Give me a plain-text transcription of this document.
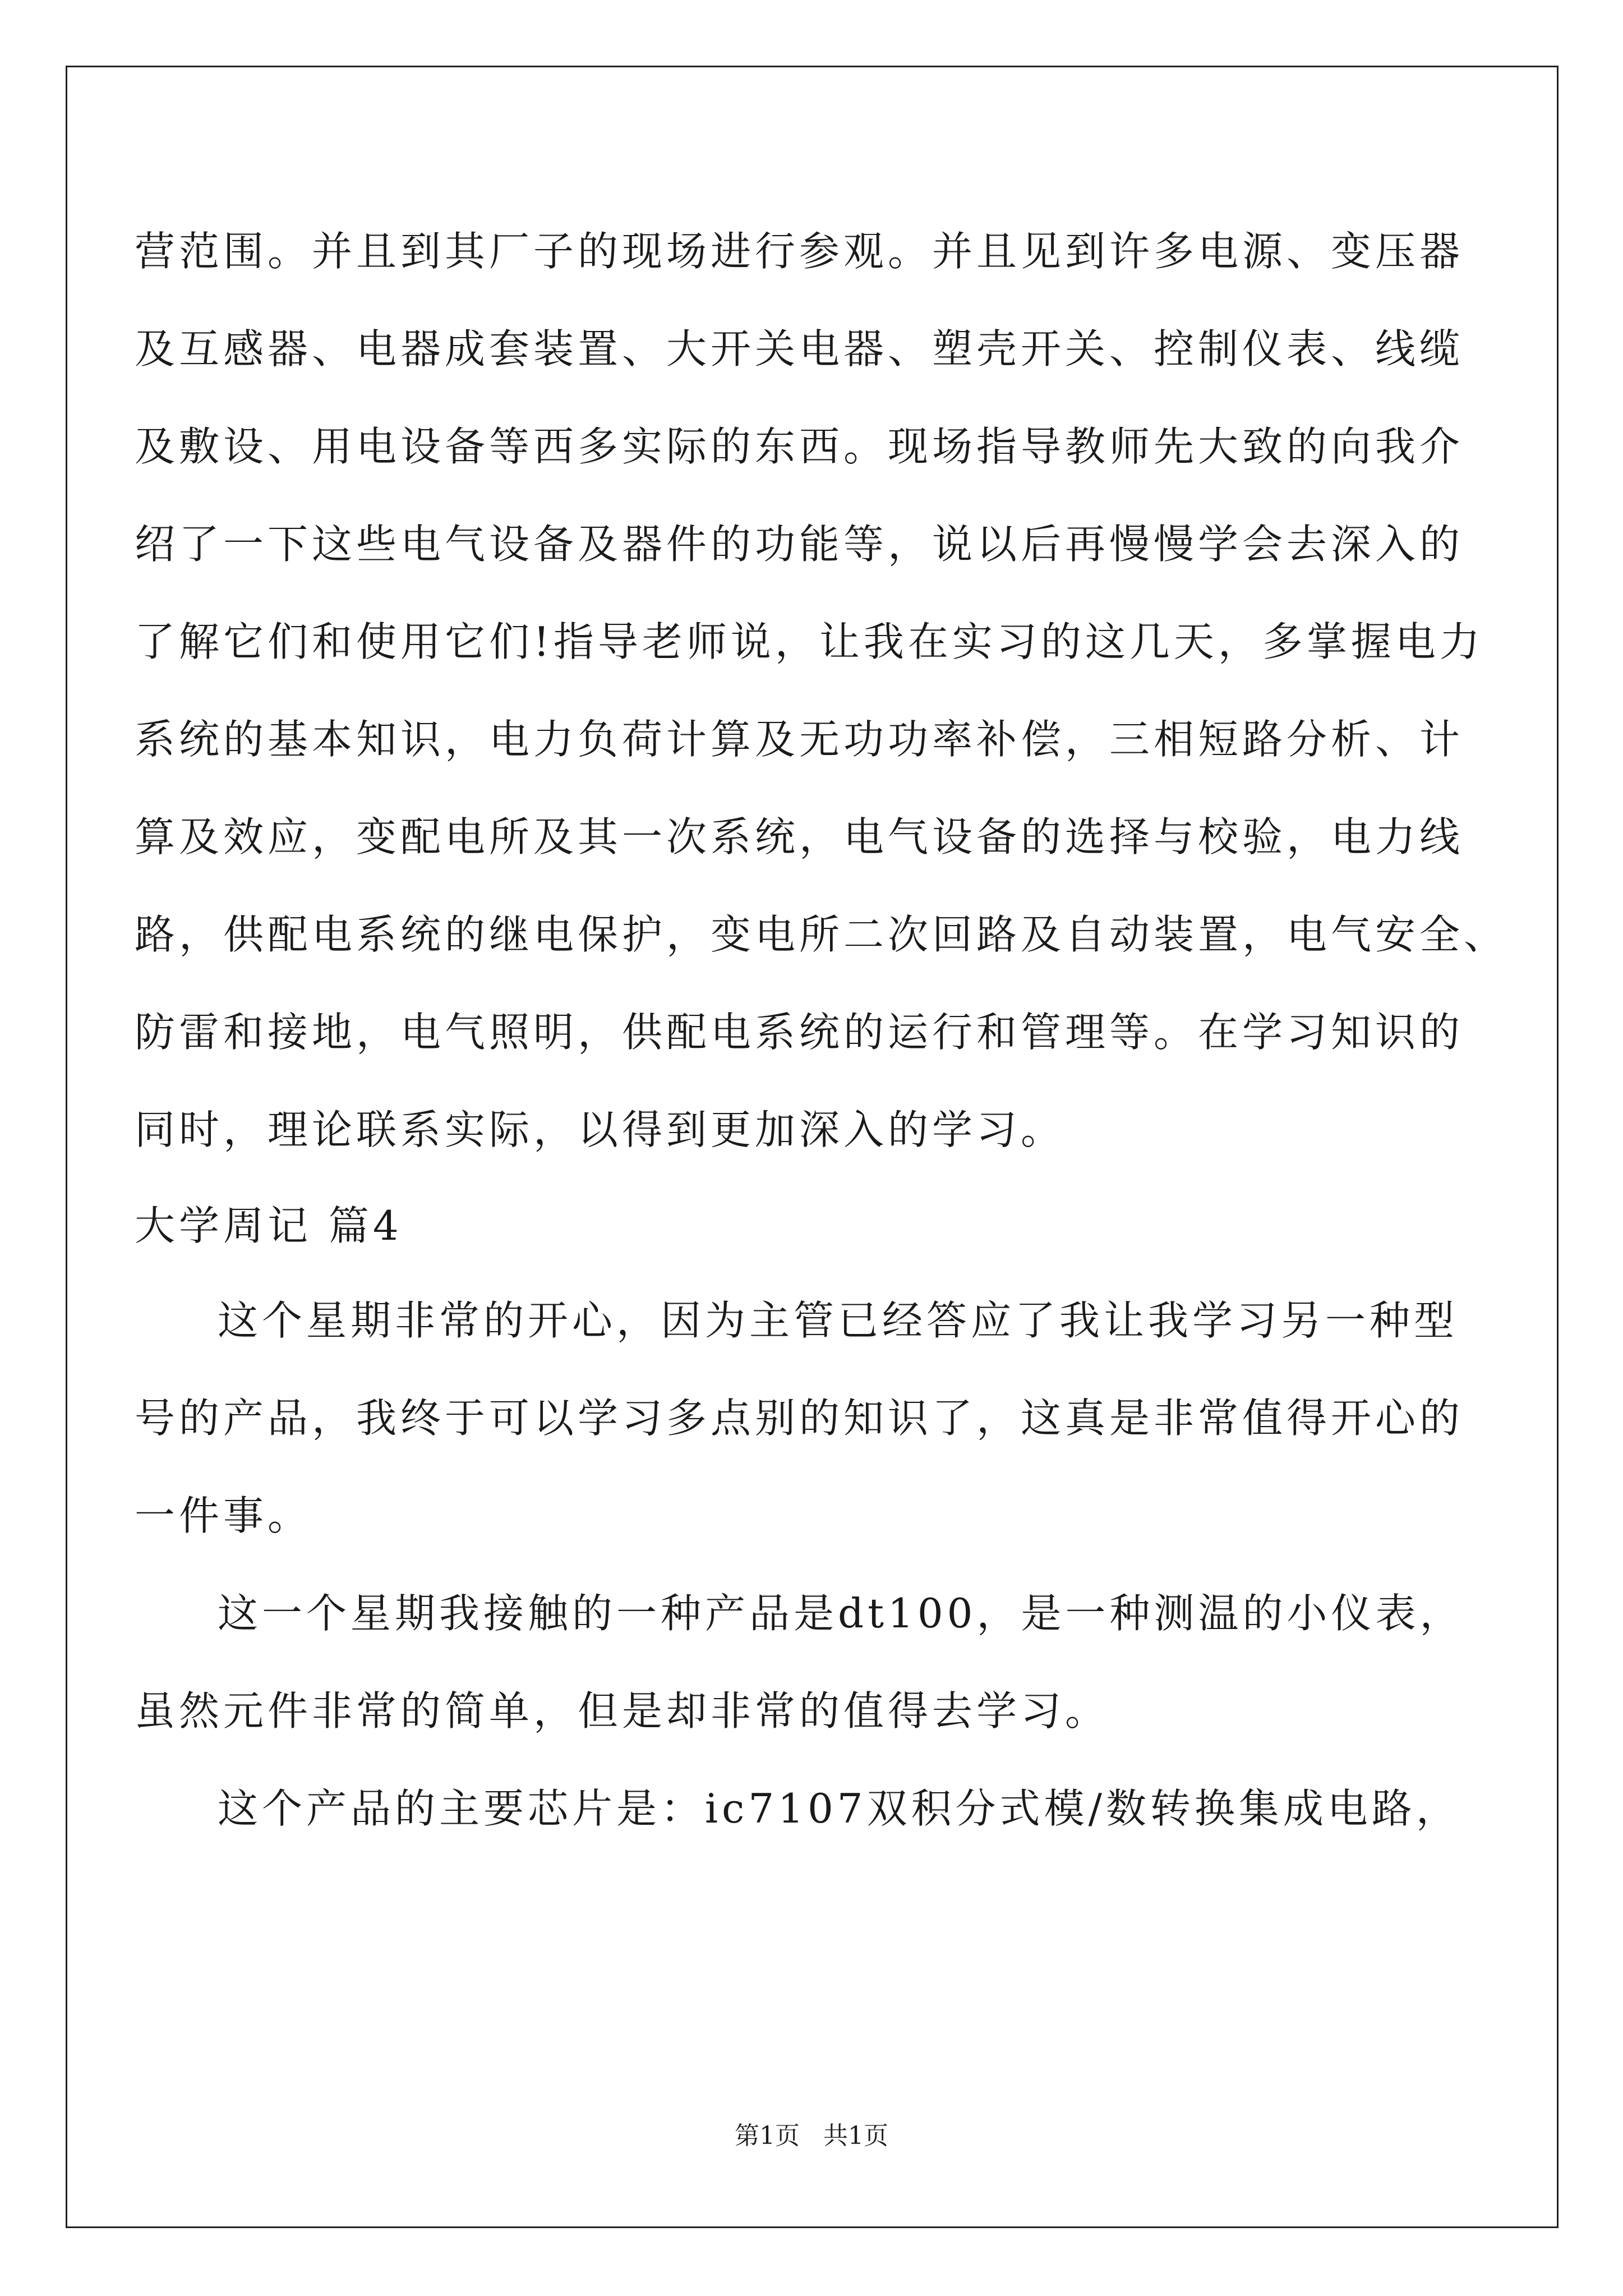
营范围。并且到其厂子的现场进行参观。并且见到许多电源、变压器
及互感器、电器成套装置、大开关电器、塑壳开关、控制仪表、线缆
及敷设、用电设备等西多实际的东西。现场指导教师先大致的向我介
绍了一下这些电气设备及器件的功能等，说以后再慢慢学会去深入的
了解它们和使用它们!指导老师说，让我在实习的这几天，多掌握电力
系统的基本知识，电力负荷计算及无功功率补偿，三相短路分析、计
算及效应，变配电所及其一次系统，电气设备的选择与校验，电力线
路，供配电系统的继电保护，变电所二次回路及自动装置，电气安全、
防雷和接地，电气照明，供配电系统的运行和管理等。在学习知识的
同时，理论联系实际，以得到更加深入的学习。
大学周记 篇4
这个星期非常的开心，因为主管已经答应了我让我学习另一种型
号的产品，我终于可以学习多点别的知识了，这真是非常值得开心的
一件事。
这一个星期我接触的一种产品是dt100，是一种测温的小仪表，
虽然元件非常的简单，但是却非常的值得去学习。
这个产品的主要芯片是：ic7107双积分式模/数转换集成电路，
第1页   共1页
